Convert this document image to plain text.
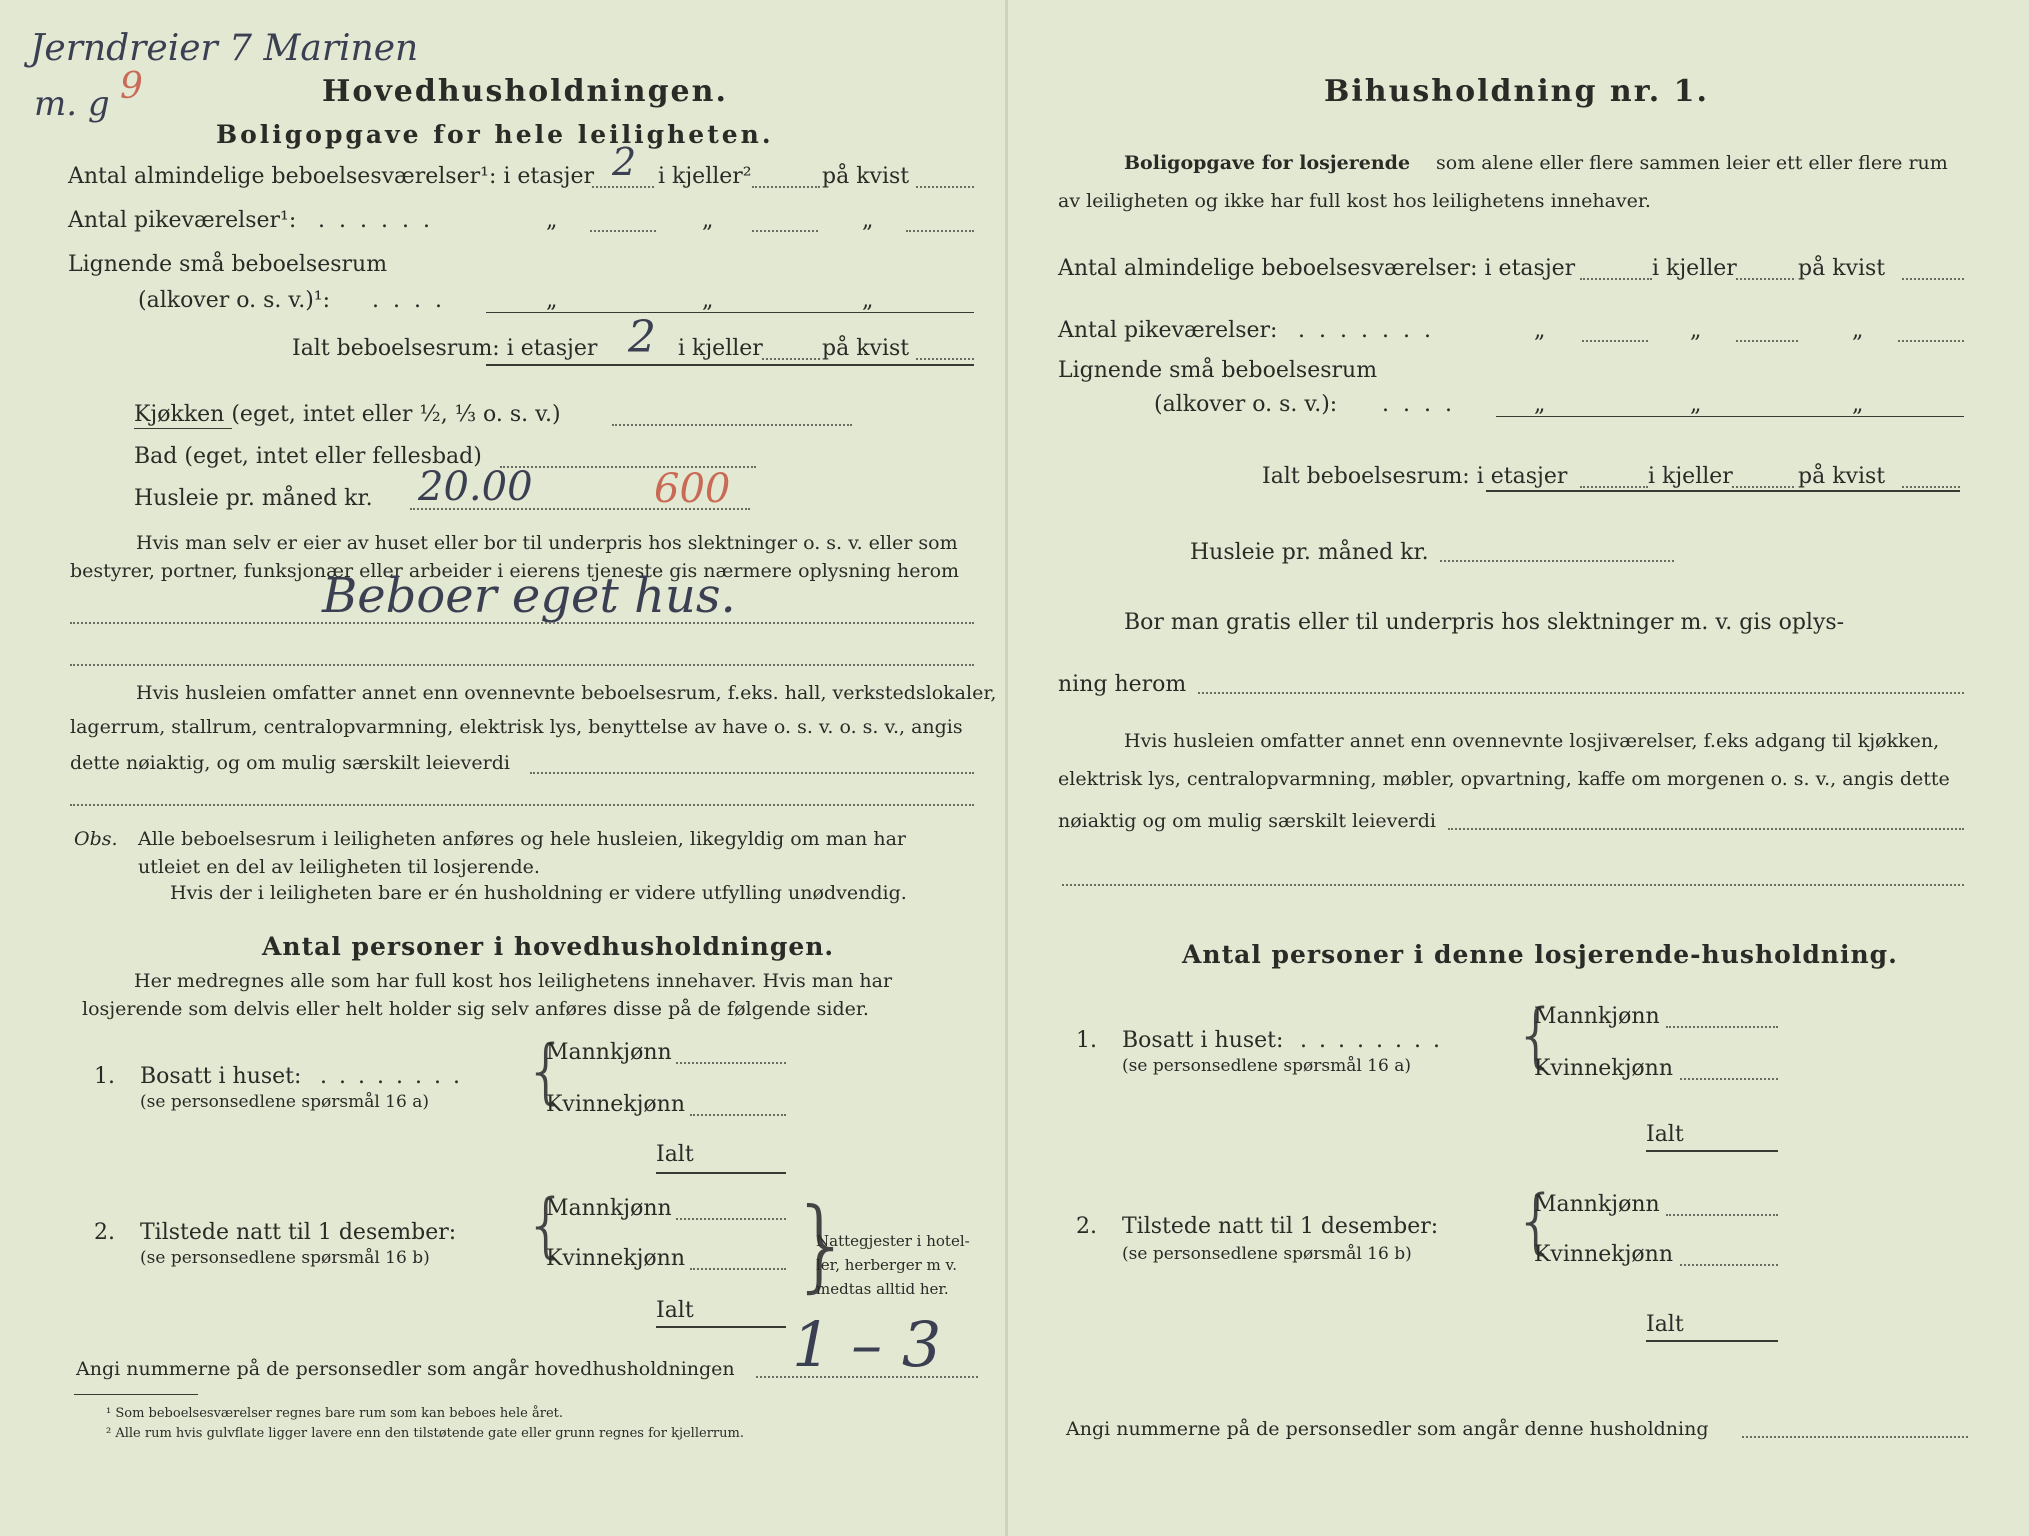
Jerndreier 7 Marinen
m. g 9	Hovedhusholdningen.
Boligopgave for hele leiligheten.
Antal almindelige beboelsesværelser¹: i etasjer 2 i kjeller²	på kvist
Antal pikeværelser¹: ......	„	„	„
Lignende små beboelsesrum
(alkover o. s. v.)¹: ....	„	„	„
Ialt beboelsesrum: i etasjer 2 i kjeller	på kvist
Kjøkken (eget, intet eller ½, ⅓ o. s. v.)
Bad (eget, intet eller fellesbad)
Husleie pr. måned kr. 20.00	600
Hvis man selv er eier av huset eller bor til underpris hos slektninger o. s. v. eller som
bestyrer, portner, funksjonær eller arbeider i eierens tjeneste gis nærmere oplysning herom
Beboer eget hus.
Hvis husleien omfatter annet enn ovennevnte beboelsesrum, f.eks. hall, verkstedslokaler,
lagerrum, stallrum, centralopvarmning, elektrisk lys, benyttelse av have o. s. v. o. s. v., angis
dette nøiaktig, og om mulig særskilt leieverdi
Obs. Alle beboelsesrum i leiligheten anføres og hele husleien, likegyldig om man har
utleiet en del av leiligheten til losjerende.
Hvis der i leiligheten bare er én husholdning er videre utfylling unødvendig.
Antal personer i hovedhusholdningen.
Her medregnes alle som har full kost hos leilighetens innehaver. Hvis man har
losjerende som delvis eller helt holder sig selv anføres disse på de følgende sider.
1. Bosatt i huset: ........
(se personsedlene spørsmål 16 a) {
Mannkjønn
Kvinnekjønn
Ialt
2. Tilstede natt til 1 desember:
(se personsedlene spørsmål 16 b) {
Mannkjønn
Kvinnekjønn
Ialt
}
Nattegjester i hotel-
ler, herberger m v.
medtas alltid her.
Angi nummerne på de personsedler som angår hovedhusholdningen 1 – 3
¹ Som beboelsesværelser regnes bare rum som kan beboes hele året.
² Alle rum hvis gulvflate ligger lavere enn den tilstøtende gate eller grunn regnes for kjellerrum.
Bihusholdning nr. 1.
Boligopgave for losjerende som alene eller flere sammen leier ett eller flere rum
av leiligheten og ikke har full kost hos leilighetens innehaver.
Antal almindelige beboelsesværelser: i etasjer	i kjeller	på kvist
Antal pikeværelser: .......	„	„	„
Lignende små beboelsesrum
(alkover o. s. v.): ....	„	„	„
Ialt beboelsesrum: i etasjer	i kjeller	på kvist
Husleie pr. måned kr.
Bor man gratis eller til underpris hos slektninger m. v. gis oplys-
ning herom
Hvis husleien omfatter annet enn ovennevnte losjiværelser, f.eks adgang til kjøkken,
elektrisk lys, centralopvarmning, møbler, opvartning, kaffe om morgenen o. s. v., angis dette
nøiaktig og om mulig særskilt leieverdi
Antal personer i denne losjerende-husholdning.
1. Bosatt i huset: ........
(se personsedlene spørsmål 16 a) {
Mannkjønn
Kvinnekjønn
Ialt
2. Tilstede natt til 1 desember:
(se personsedlene spørsmål 16 b) {
Mannkjønn
Kvinnekjønn
Ialt
Angi nummerne på de personsedler som angår denne husholdning
